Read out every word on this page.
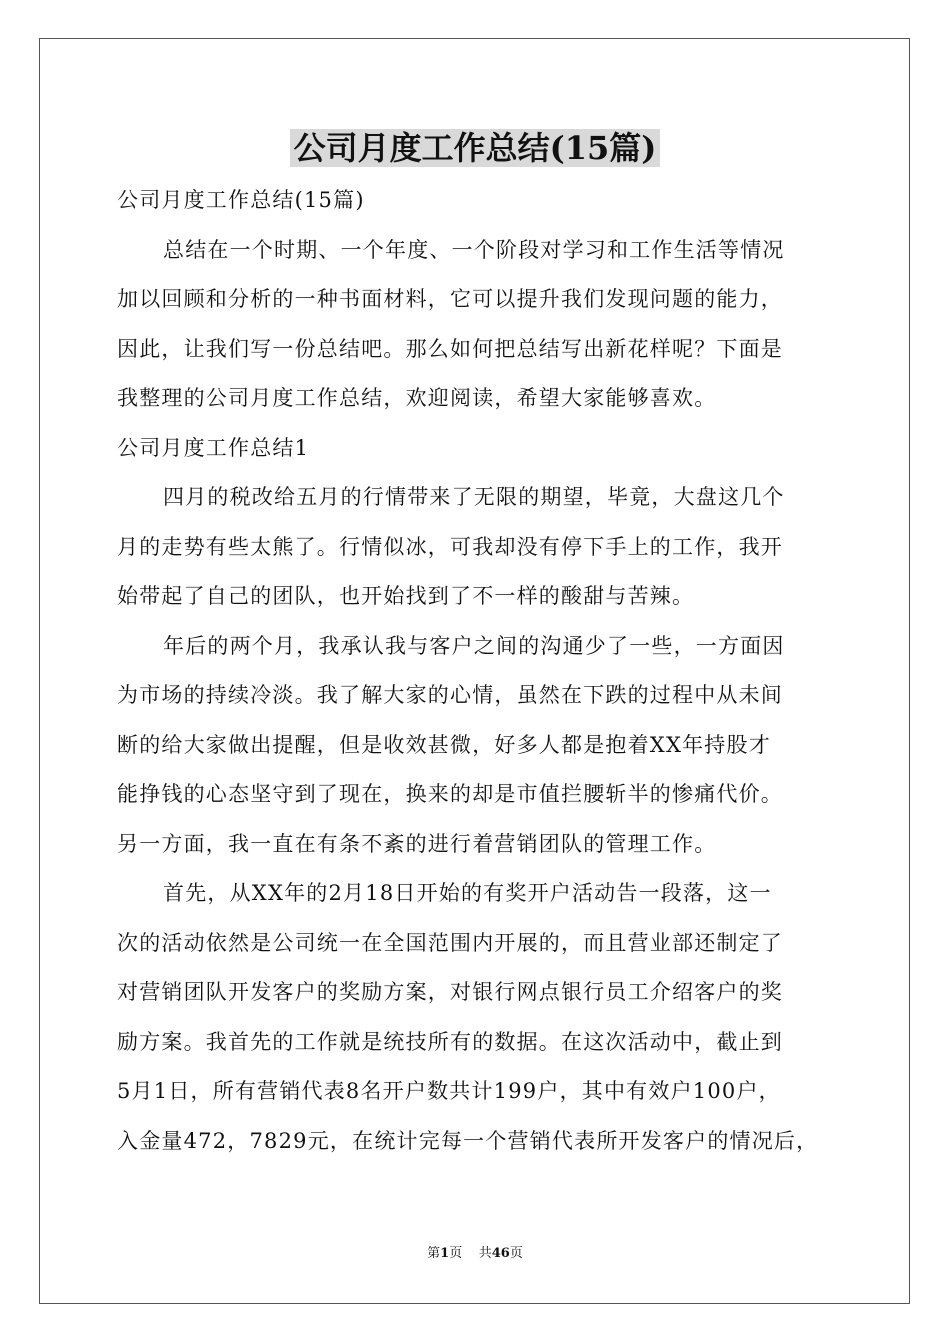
公司月度工作总结(15篇)
公司月度工作总结(15篇)
总结在一个时期、一个年度、一个阶段对学习和工作生活等情况
加以回顾和分析的一种书面材料，它可以提升我们发现问题的能力，
因此，让我们写一份总结吧。那么如何把总结写出新花样呢？下面是
我整理的公司月度工作总结，欢迎阅读，希望大家能够喜欢。
公司月度工作总结1
四月的税改给五月的行情带来了无限的期望，毕竟，大盘这几个
月的走势有些太熊了。行情似冰，可我却没有停下手上的工作，我开
始带起了自己的团队，也开始找到了不一样的酸甜与苦辣。
年后的两个月，我承认我与客户之间的沟通少了一些，一方面因
为市场的持续冷淡。我了解大家的心情，虽然在下跌的过程中从未间
断的给大家做出提醒，但是收效甚微，好多人都是抱着XX年持股才
能挣钱的心态坚守到了现在，换来的却是市值拦腰斩半的惨痛代价。
另一方面，我一直在有条不紊的进行着营销团队的管理工作。
首先，从XX年的2月18日开始的有奖开户活动告一段落，这一
次的活动依然是公司统一在全国范围内开展的，而且营业部还制定了
对营销团队开发客户的奖励方案，对银行网点银行员工介绍客户的奖
励方案。我首先的工作就是统技所有的数据。在这次活动中，截止到
5月1日，所有营销代表8名开户数共计199户，其中有效户100户，
入金量472，7829元，在统计完每一个营销代表所开发客户的情况后，
第1页 共46页
